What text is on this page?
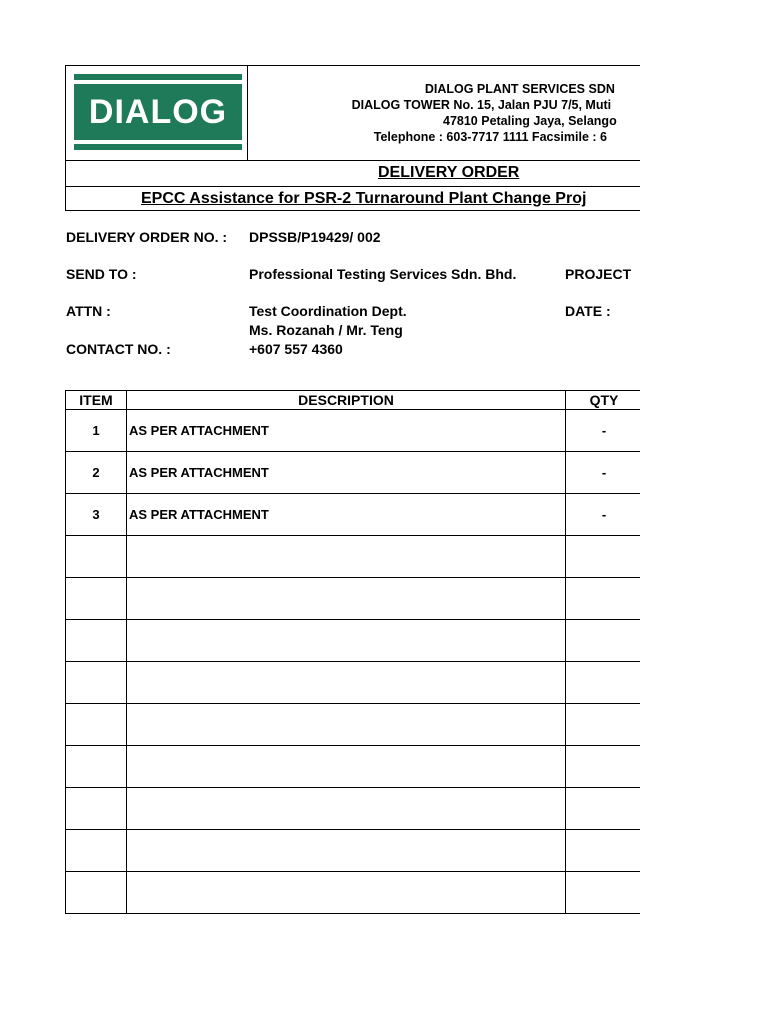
DIALOG
DIALOG PLANT SERVICES SDN
DIALOG TOWER No. 15, Jalan PJU 7/5, Muti
47810 Petaling Jaya, Selango
Telephone : 603-7717 1111 Facsimile : 6
DELIVERY ORDER
EPCC Assistance for PSR-2 Turnaround Plant Change Proj
DELIVERY ORDER NO. : DPSSB/P19429/ 002
SEND TO :	Professional Testing Services Sdn. Bhd.	PROJECT
ATTN :	Test Coordination Dept.	DATE :
Ms. Rozanah / Mr. Teng
CONTACT NO. :	+607 557 4360
ITEM	DESCRIPTION	QTY	
1	AS PER ATTACHMENT	-	
2	AS PER ATTACHMENT	-	
3	AS PER ATTACHMENT	-	
